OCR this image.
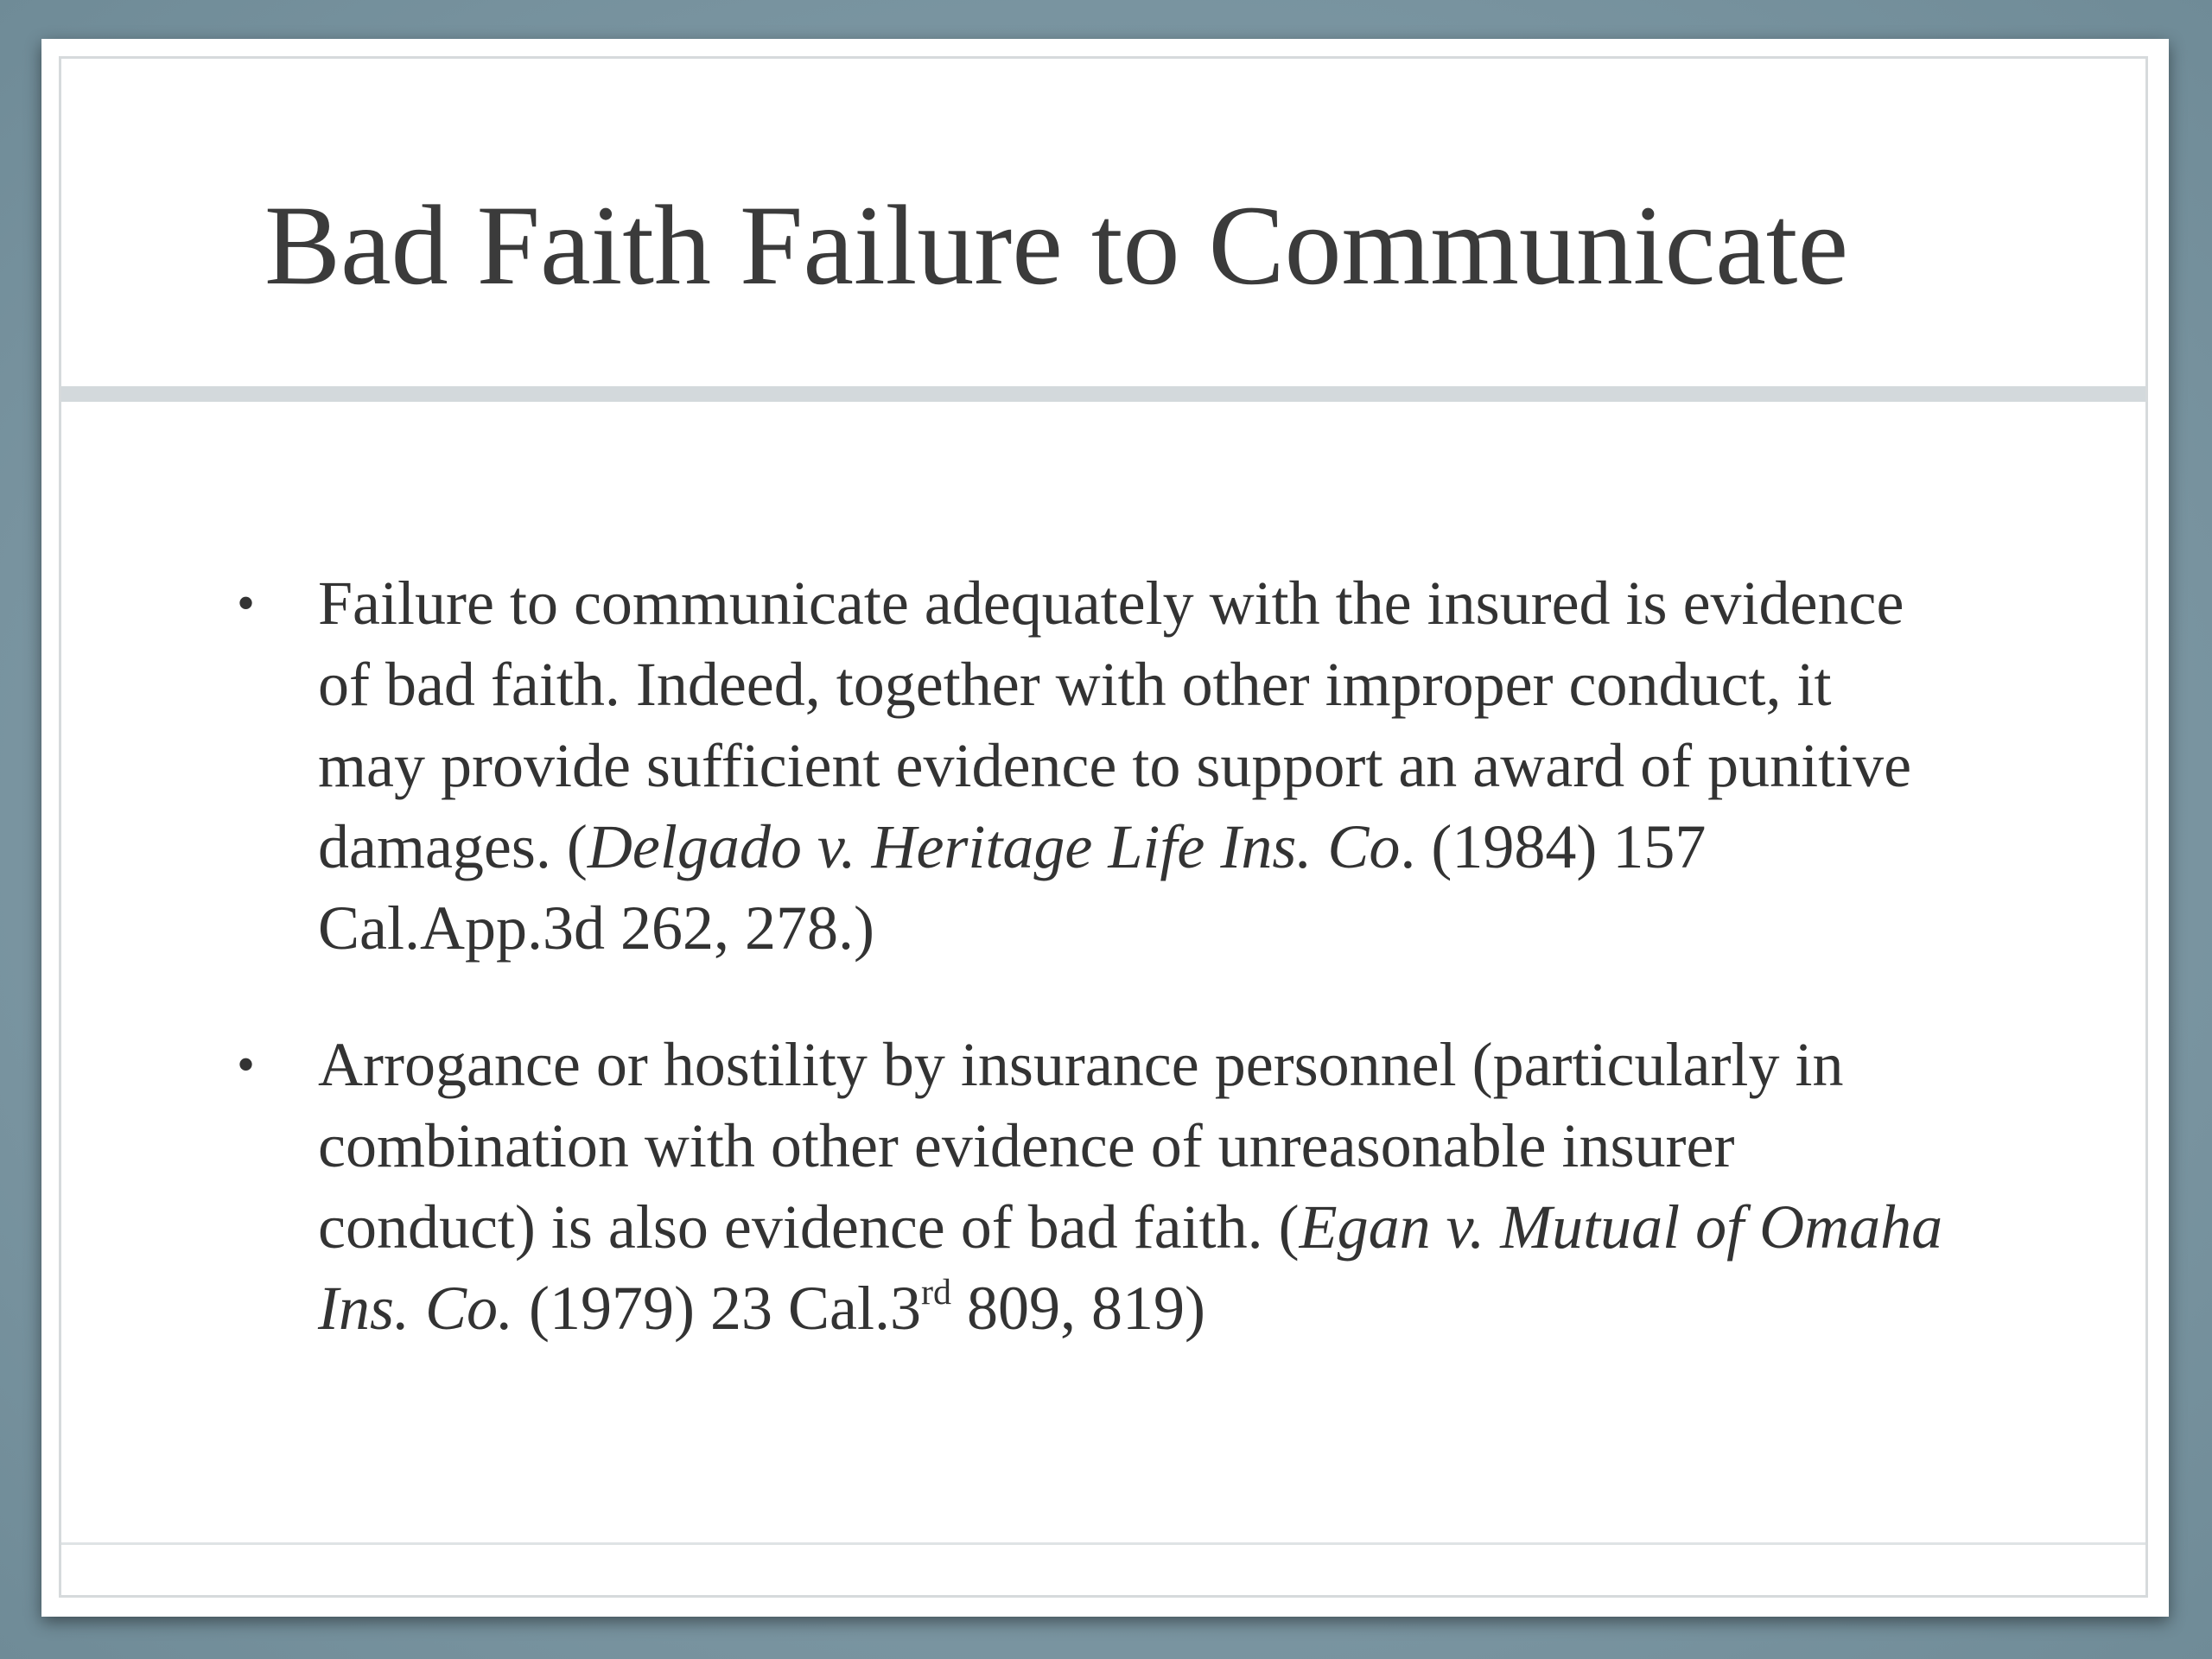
Bad Faith Failure to Communicate
• Failure to communicate adequately with the insured is evidence of bad faith. Indeed, together with other improper conduct, it may provide sufficient evidence to support an award of punitive damages. (Delgado v. Heritage Life Ins. Co. (1984) 157 Cal.App.3d 262, 278.)
• Arrogance or hostility by insurance personnel (particularly in combination with other evidence of unreasonable insurer conduct) is also evidence of bad faith. (Egan v. Mutual of Omaha Ins. Co. (1979) 23 Cal.3rd 809, 819)
